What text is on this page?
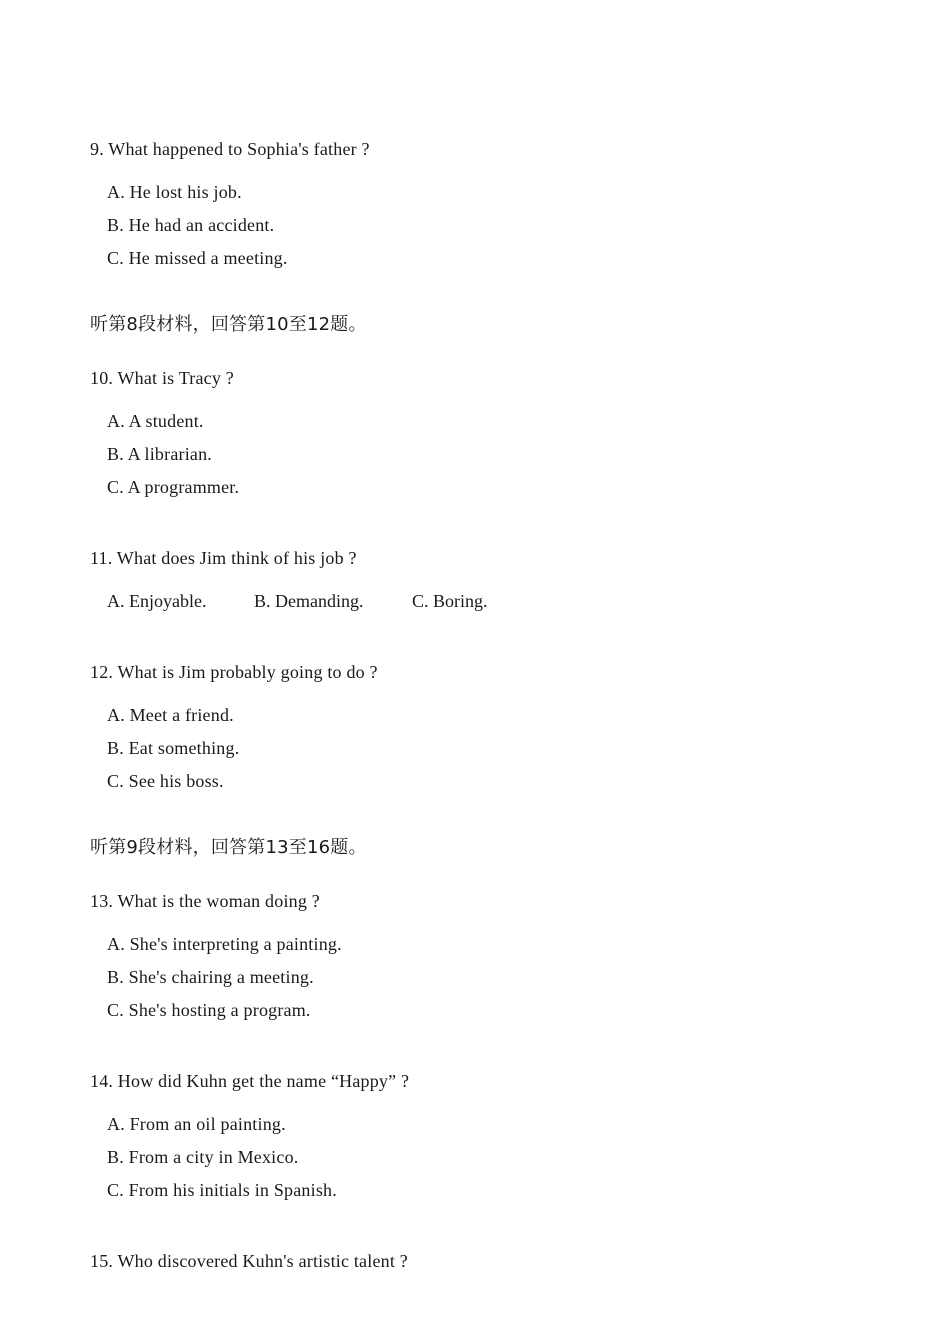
9. What happened to Sophia's father ?
A. He lost his job.
B. He had an accident.
C. He missed a meeting.
听第8段材料，回答第10至12题。
10. What is Tracy ?
A. A student.
B. A librarian.
C. A programmer.
11. What does Jim think of his job ?

A. Enjoyable.

	B. Demanding.

	C. Boring.

12. What is Jim probably going to do ?
A. Meet a friend.
B. Eat something.
C. See his boss.
听第9段材料，回答第13至16题。
13. What is the woman doing ?
A. She's interpreting a painting.
B. She's chairing a meeting.
C. She's hosting a program.
14. How did Kuhn get the name “Happy” ?
A. From an oil painting.
B. From a city in Mexico.
C. From his initials in Spanish.
15. Who discovered Kuhn's artistic talent ?
